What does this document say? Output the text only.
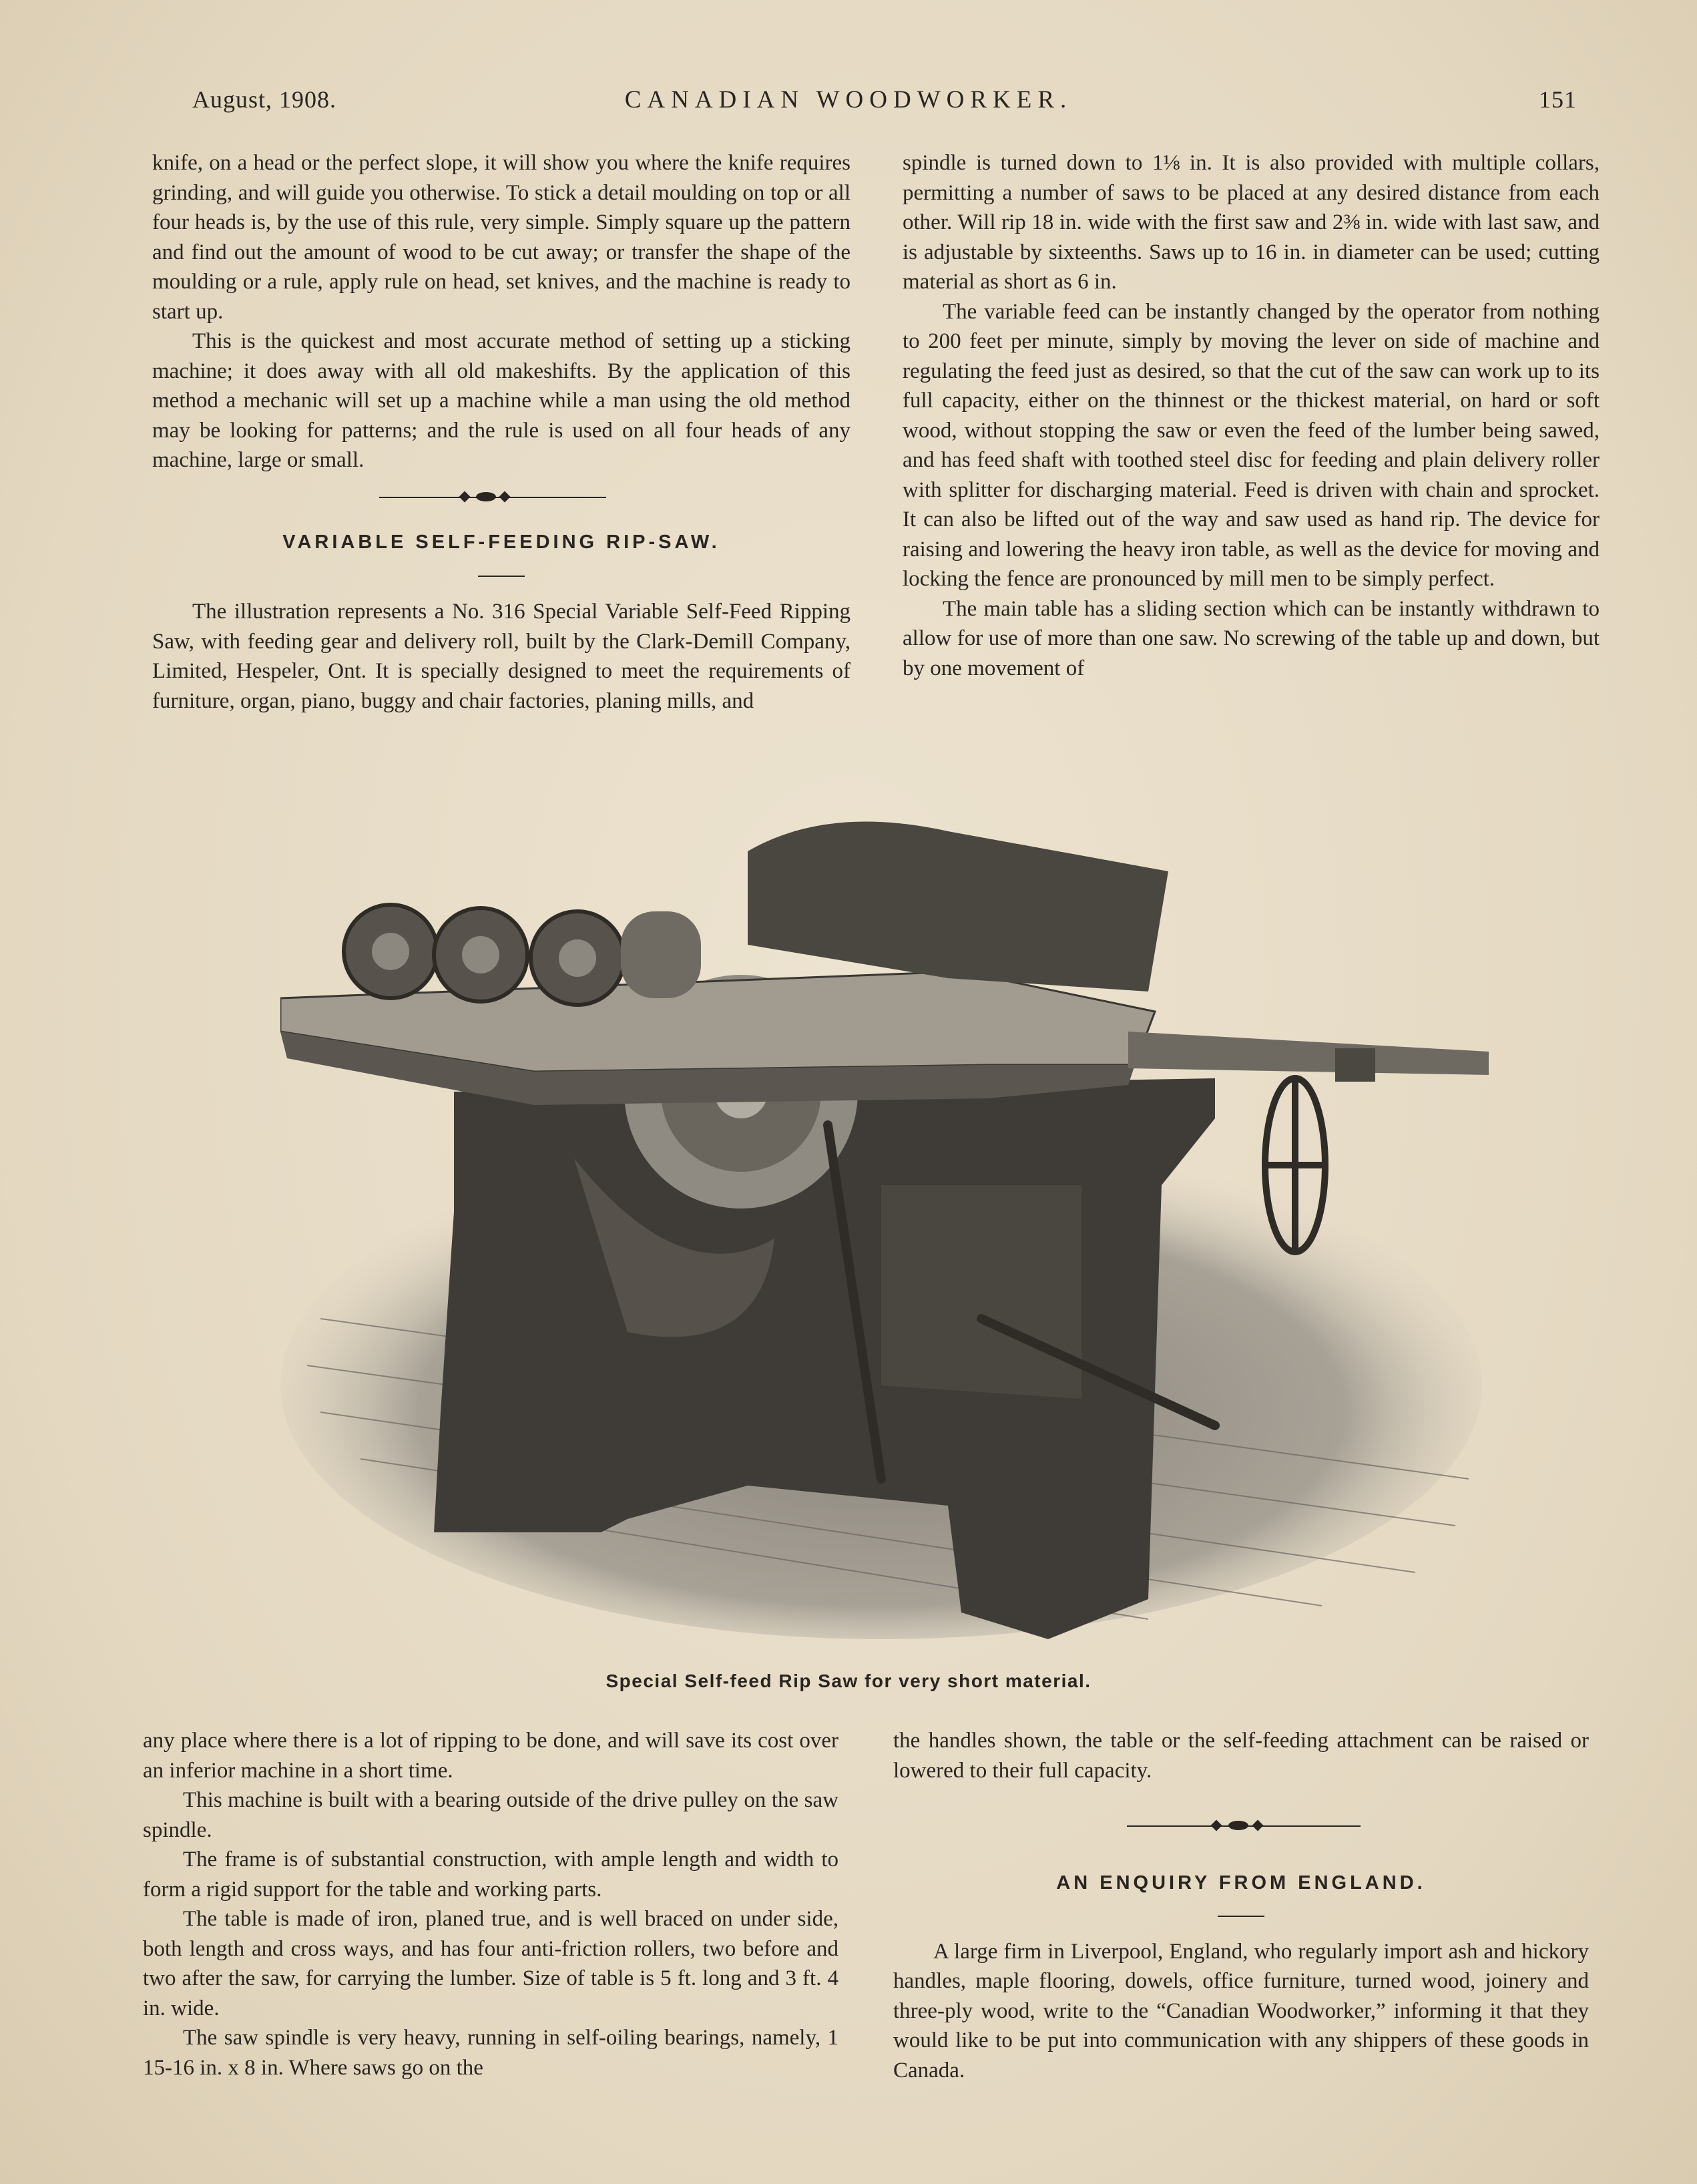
August, 1908.	CANADIAN WOODWORKER.	151

knife, on a head or the perfect slope, it will show you where the knife requires grinding, and will guide you otherwise. To stick a detail moulding on top or all four heads is, by the use of this rule, very simple. Simply square up the pattern and find out the amount of wood to be cut away; or transfer the shape of the moulding or a rule, apply rule on head, set knives, and the machine is ready to start up.

This is the quickest and most accurate method of setting up a sticking machine; it does away with all old makeshifts. By the application of this method a mechanic will set up a machine while a man using the old method may be looking for patterns; and the rule is used on all four heads of any machine, large or small.

VARIABLE SELF-FEEDING RIP-SAW.

The illustration represents a No. 316 Special Variable Self-Feed Ripping Saw, with feeding gear and delivery roll, built by the Clark-Demill Company, Limited, Hespeler, Ont. It is specially designed to meet the requirements of furniture, organ, piano, buggy and chair factories, planing mills, and

spindle is turned down to 1⅛ in. It is also provided with multiple collars, permitting a number of saws to be placed at any desired distance from each other. Will rip 18 in. wide with the first saw and 2⅜ in. wide with last saw, and is adjustable by sixteenths. Saws up to 16 in. in diameter can be used; cutting material as short as 6 in.

The variable feed can be instantly changed by the operator from nothing to 200 feet per minute, simply by moving the lever on side of machine and regulating the feed just as desired, so that the cut of the saw can work up to its full capacity, either on the thinnest or the thickest material, on hard or soft wood, without stopping the saw or even the feed of the lumber being sawed, and has feed shaft with toothed steel disc for feeding and plain delivery roller with splitter for discharging material. Feed is driven with chain and sprocket. It can also be lifted out of the way and saw used as hand rip. The device for raising and lowering the heavy iron table, as well as the device for moving and locking the fence are pronounced by mill men to be simply perfect.

The main table has a sliding section which can be instantly withdrawn to allow for use of more than one saw. No screwing of the table up and down, but by one movement of

Special Self-feed Rip Saw for very short material.

any place where there is a lot of ripping to be done, and will save its cost over an inferior machine in a short time.

This machine is built with a bearing outside of the drive pulley on the saw spindle.

The frame is of substantial construction, with ample length and width to form a rigid support for the table and working parts.

The table is made of iron, planed true, and is well braced on under side, both length and cross ways, and has four anti-friction rollers, two before and two after the saw, for carrying the lumber. Size of table is 5 ft. long and 3 ft. 4 in. wide.

The saw spindle is very heavy, running in self-oiling bearings, namely, 1 15-16 in. x 8 in. Where saws go on the

the handles shown, the table or the self-feeding attachment can be raised or lowered to their full capacity.

AN ENQUIRY FROM ENGLAND.

A large firm in Liverpool, England, who regularly import ash and hickory handles, maple flooring, dowels, office furniture, turned wood, joinery and three-ply wood, write to the “Canadian Woodworker,” informing it that they would like to be put into communication with any shippers of these goods in Canada.
